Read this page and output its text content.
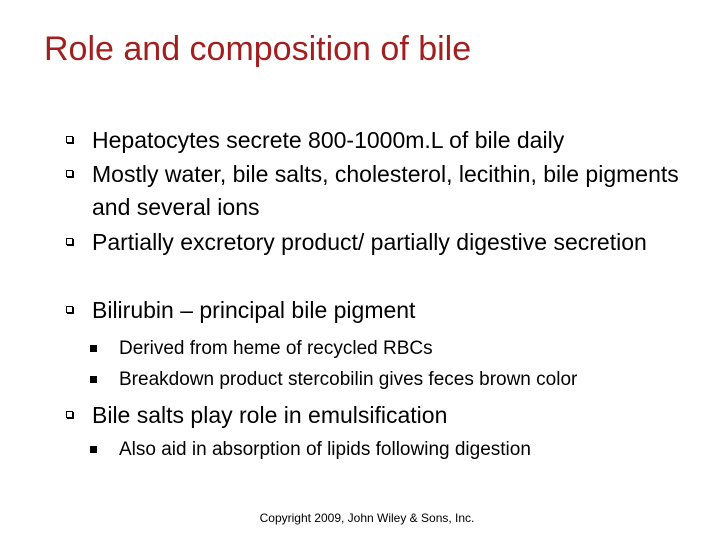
Role and composition of bile
Hepatocytes secrete 800-1000m.L of bile daily
Mostly water, bile salts, cholesterol, lecithin, bile pigments and several ions
Partially excretory product/ partially digestive secretion
Bilirubin – principal bile pigment
Derived from heme of recycled RBCs
Breakdown product stercobilin gives feces brown color
Bile salts play role in emulsification
Also aid in absorption of lipids following digestion
Copyright 2009, John Wiley & Sons, Inc.
